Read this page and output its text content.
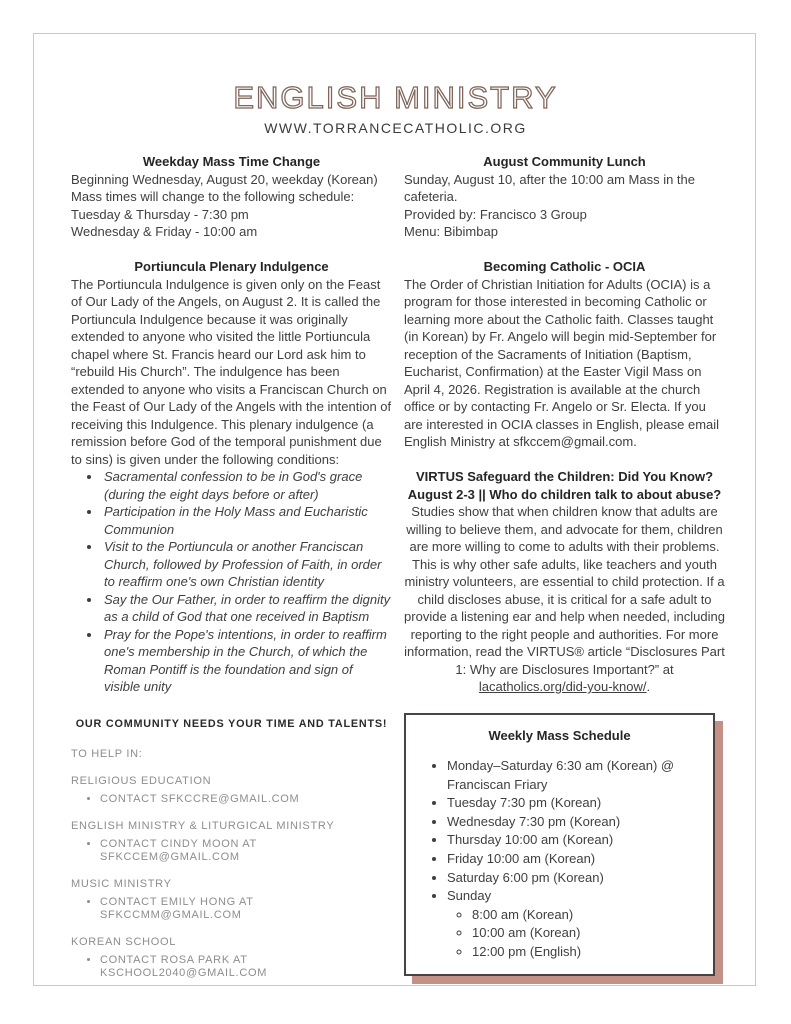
ENGLISH MINISTRY
WWW.TORRANCECATHOLIC.ORG
Weekday Mass Time Change

Beginning Wednesday, August 20, weekday (Korean) Mass times will change to the following schedule:

Tuesday & Thursday - 7:30 pm
Wednesday & Friday - 10:00 am
Portiuncula Plenary Indulgence

The Portiuncula Indulgence is given only on the Feast of Our Lady of the Angels, on August 2. It is called the Portiuncula Indulgence because it was originally extended to anyone who visited the little Portiuncula chapel where St. Francis heard our Lord ask him to “rebuild His Church”. The indulgence has been extended to anyone who visits a Franciscan Church on the Feast of Our Lady of the Angels with the intention of receiving this Indulgence. This plenary indulgence (a remission before God of the temporal punishment due to sins) is given under the following conditions:

• Sacramental confession to be in God's grace (during the eight days before or after)
• Participation in the Holy Mass and Eucharistic Communion
• Visit to the Portiuncula or another Franciscan Church, followed by Profession of Faith, in order to reaffirm one's own Christian identity
• Say the Our Father, in order to reaffirm the dignity as a child of God that one received in Baptism
• Pray for the Pope's intentions, in order to reaffirm one's membership in the Church, of which the Roman Pontiff is the foundation and sign of visible unity
OUR COMMUNITY NEEDS YOUR TIME AND TALENTS!
TO HELP IN:
RELIGIOUS EDUCATION
• CONTACT SFKCCRE@GMAIL.COM
ENGLISH MINISTRY & LITURGICAL MINISTRY
• CONTACT CINDY MOON AT SFKCCEM@GMAIL.COM
MUSIC MINISTRY
• CONTACT EMILY HONG AT SFKCCMM@GMAIL.COM
KOREAN SCHOOL
• CONTACT ROSA PARK AT KSCHOOL2040@GMAIL.COM
August Community Lunch

Sunday, August 10, after the 10:00 am Mass in the cafeteria.

Provided by: Francisco 3 Group
Menu: Bibimbap
Becoming Catholic - OCIA

The Order of Christian Initiation for Adults (OCIA) is a program for those interested in becoming Catholic or learning more about the Catholic faith. Classes taught (in Korean) by Fr. Angelo will begin mid-September for reception of the Sacraments of Initiation (Baptism, Eucharist, Confirmation) at the Easter Vigil Mass on April 4, 2026. Registration is available at the church office or by contacting Fr. Angelo or Sr. Electa. If you are interested in OCIA classes in English, please email English Ministry at sfkccem@gmail.com.

VIRTUS Safeguard the Children: Did You Know?
August 2-3 || Who do children talk to about abuse?

Studies show that when children know that adults are willing to believe them, and advocate for them, children are more willing to come to adults with their problems. This is why other safe adults, like teachers and youth ministry volunteers, are essential to child protection. If a child discloses abuse, it is critical for a safe adult to provide a listening ear and help when needed, including reporting to the right people and authorities. For more information, read the VIRTUS® article “Disclosures Part 1: Why are Disclosures Important?” at lacatholics.org/did-you-know/.

Weekly Mass Schedule
• Monday–Saturday 6:30 am (Korean) @ Franciscan Friary
• Tuesday 7:30 pm (Korean)
• Wednesday 7:30 pm (Korean)
• Thursday 10:00 am (Korean)
• Friday 10:00 am (Korean)
• Saturday 6:00 pm (Korean)
• Sunday
◦ 8:00 am (Korean)
◦ 10:00 am (Korean)
◦ 12:00 pm (English)
